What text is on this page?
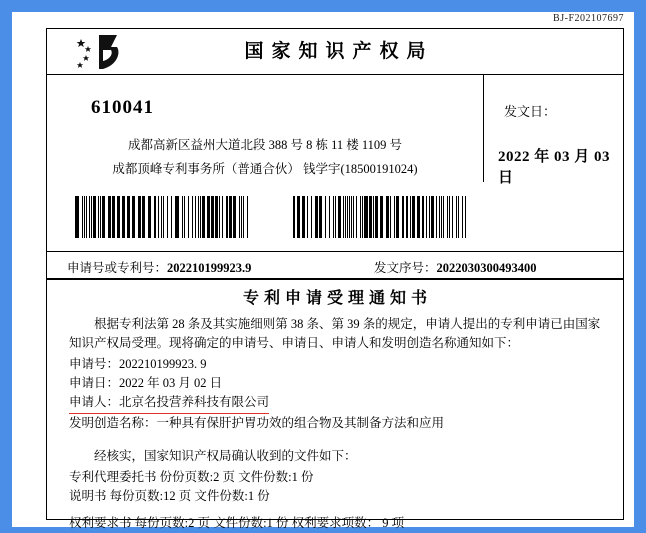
BJ-F202107697
国家知识产权局
610041
成都高新区益州大道北段 388 号 8 栋 11 楼 1109 号
成都顶峰专利事务所（普通合伙） 钱学宇(18500191024)
发文日：
2022 年 03 月 03 日
申请号或专利号：202210199923.9	发文序号：2022030300493400
专利申请受理通知书

根据专利法第 28 条及其实施细则第 38 条、第 39 条的规定，申请人提出的专利申请已由国家知识产权局受理。现将确定的申请号、申请日、申请人和发明创造名称通知如下：

申请号：202210199923. 9

申请日：2022 年 03 月 02 日

申请人：北京名投营养科技有限公司

发明创造名称：一种具有保肝护胃功效的组合物及其制备方法和应用

经核实，国家知识产权局确认收到的文件如下：

专利代理委托书 份份页数:2 页 文件份数:1 份

说明书 每份页数:12 页 文件份数:1 份

权利要求书 每份页数:2 页 文件份数:1 份 权利要求项数： 9 项
